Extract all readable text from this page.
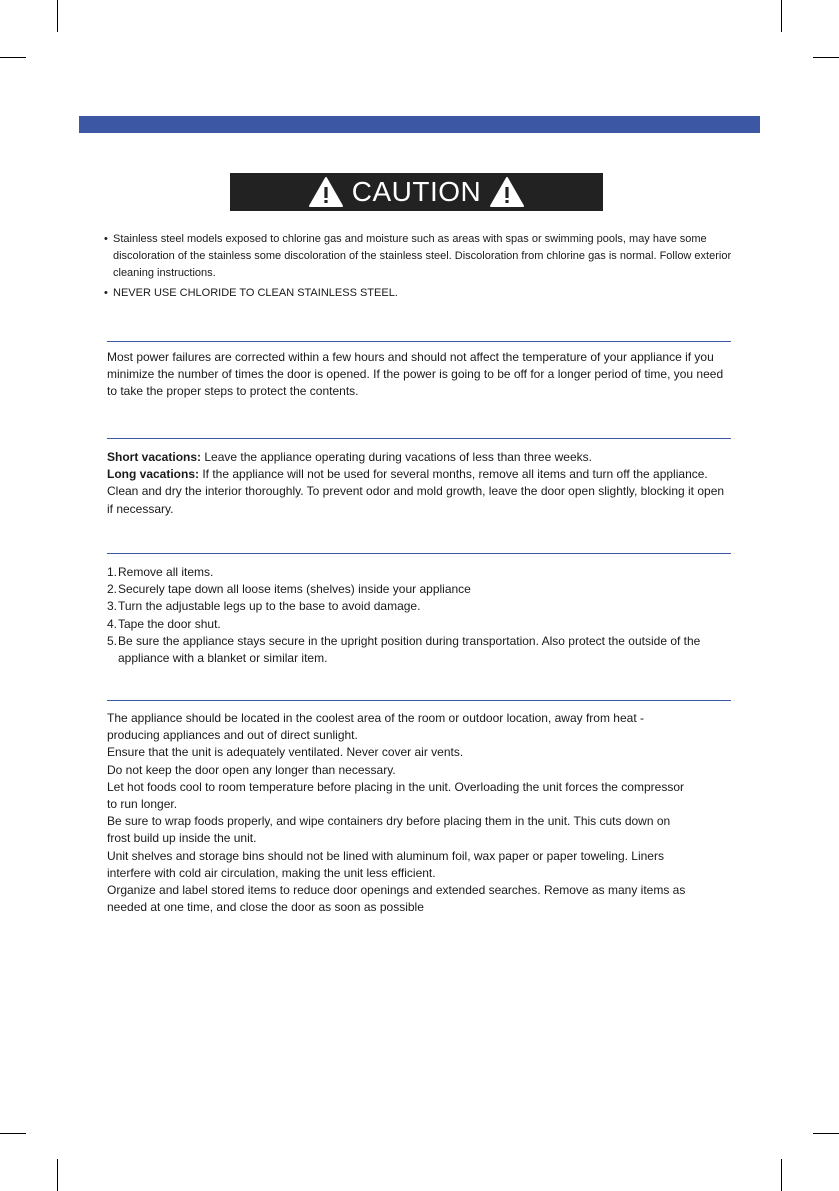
CAUTION
• Stainless steel models exposed to chlorine gas and moisture such as areas with spas or swimming pools, may have some discoloration of the stainless some discoloration of the stainless steel. Discoloration from chlorine gas is normal. Follow exterior cleaning instructions.

• NEVER USE CHLORIDE TO CLEAN STAINLESS STEEL.

Most power failures are corrected within a few hours and should not affect the temperature of your appliance if you minimize the number of times the door is opened. If the power is going to be off for a longer period of time, you need to take the proper steps to protect the contents.

Short vacations: Leave the appliance operating during vacations of less than three weeks.

Long vacations: If the appliance will not be used for several months, remove all items and turn off the appliance. Clean and dry the interior thoroughly. To prevent odor and mold growth, leave the door open slightly, blocking it open if necessary.

1. Remove all items.
2. Securely tape down all loose items (shelves) inside your appliance
3. Turn the adjustable legs up to the base to avoid damage.
4. Tape the door shut.
5. Be sure the appliance stays secure in the upright position during transportation. Also protect the outside of the appliance with a blanket or similar item.

The appliance should be located in the coolest area of the room or outdoor location, away from heat - producing appliances and out of direct sunlight.

Ensure that the unit is adequately ventilated. Never cover air vents.

Do not keep the door open any longer than necessary.

Let hot foods cool to room temperature before placing in the unit. Overloading the unit forces the compressor to run longer.

Be sure to wrap foods properly, and wipe containers dry before placing them in the unit. This cuts down on frost build up inside the unit.

Unit shelves and storage bins should not be lined with aluminum foil, wax paper or paper toweling. Liners interfere with cold air circulation, making the unit less efficient.

Organize and label stored items to reduce door openings and extended searches. Remove as many items as needed at one time, and close the door as soon as possible
